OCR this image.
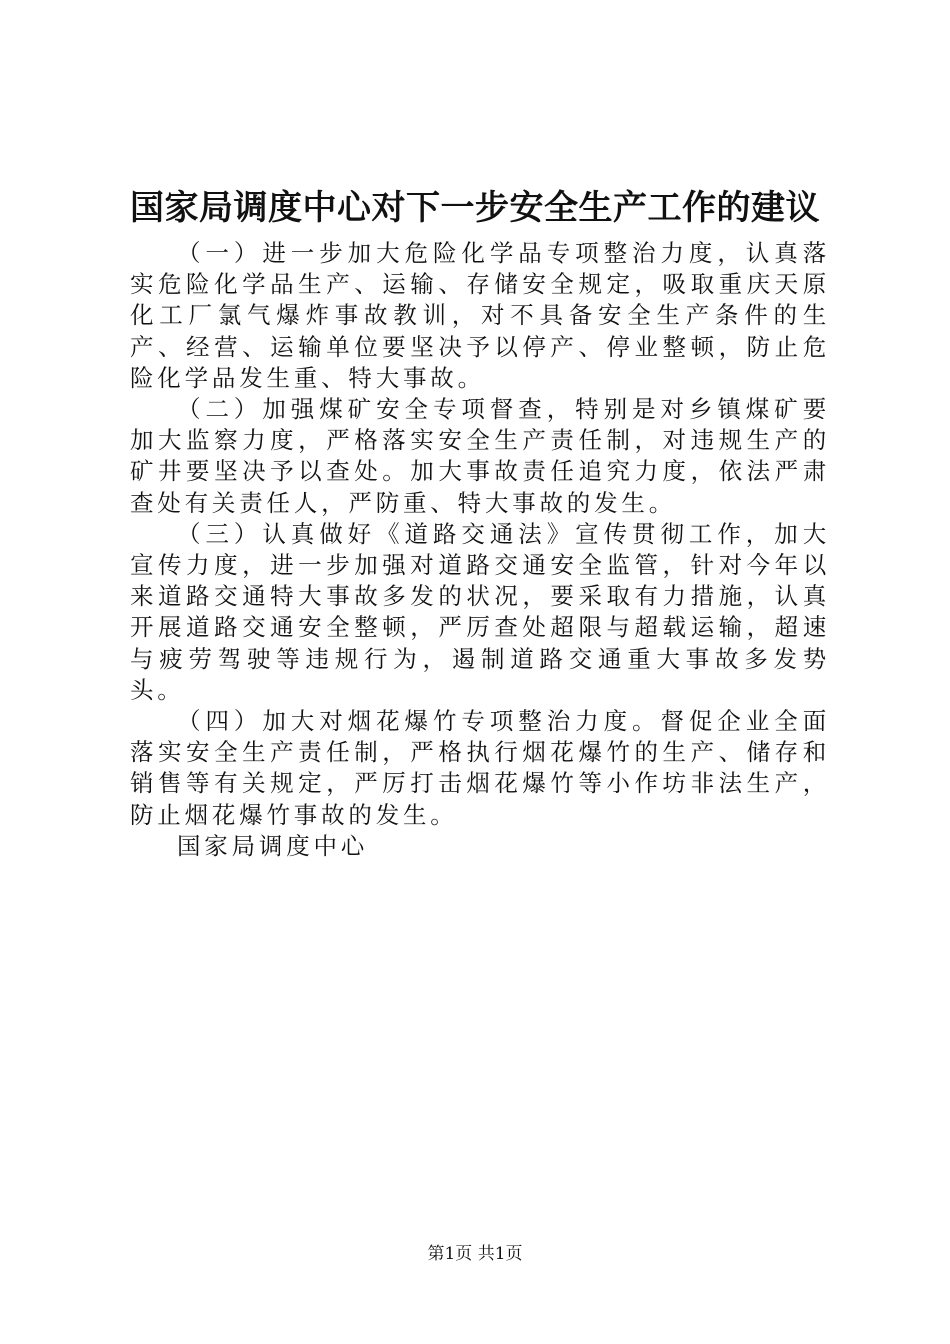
国家局调度中心对下一步安全生产工作的建议

（一）进一步加大危险化学品专项整治力度，认真落实危险化学品生产、运输、存储安全规定，吸取重庆天原化工厂氯气爆炸事故教训，对不具备安全生产条件的生产、经营、运输单位要坚决予以停产、停业整顿，防止危险化学品发生重、特大事故。

（二）加强煤矿安全专项督查，特别是对乡镇煤矿要加大监察力度，严格落实安全生产责任制，对违规生产的矿井要坚决予以查处。加大事故责任追究力度，依法严肃查处有关责任人，严防重、特大事故的发生。

（三）认真做好《道路交通法》宣传贯彻工作，加大宣传力度，进一步加强对道路交通安全监管，针对今年以来道路交通特大事故多发的状况，要采取有力措施，认真开展道路交通安全整顿，严厉查处超限与超载运输，超速与疲劳驾驶等违规行为，遏制道路交通重大事故多发势头。

（四）加大对烟花爆竹专项整治力度。督促企业全面落实安全生产责任制，严格执行烟花爆竹的生产、储存和销售等有关规定，严厉打击烟花爆竹等小作坊非法生产，防止烟花爆竹事故的发生。

国家局调度中心

第1页 共1页
